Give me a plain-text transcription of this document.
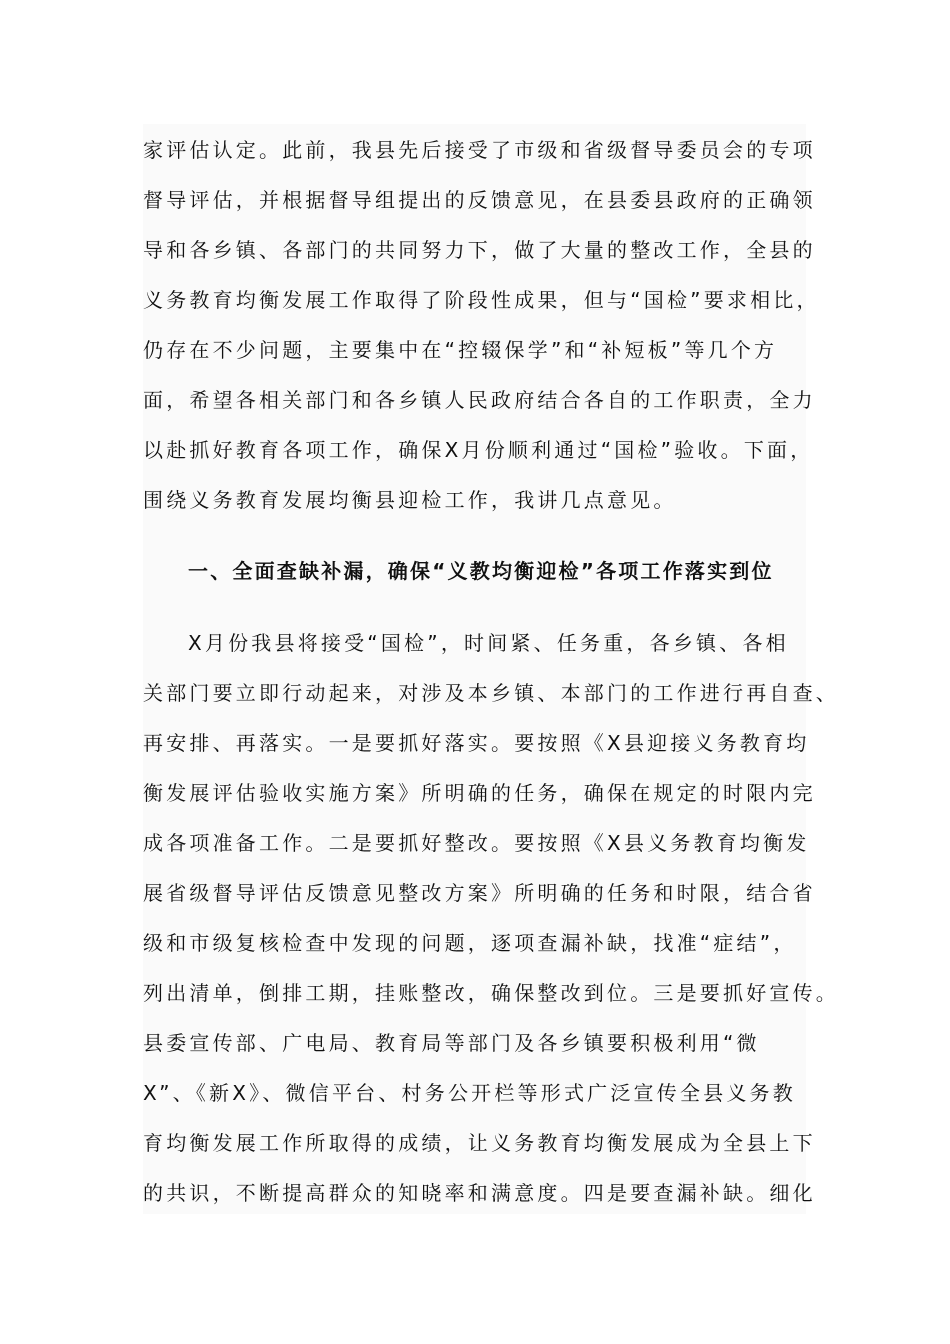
家评估认定。此前，我县先后接受了市级和省级督导委员会的专项
督导评估，并根据督导组提出的反馈意见，在县委县政府的正确领
导和各乡镇、各部门的共同努力下，做了大量的整改工作，全县的
义务教育均衡发展工作取得了阶段性成果，但与“国检”要求相比，
仍存在不少问题，主要集中在“控辍保学”和“补短板”等几个方
面，希望各相关部门和各乡镇人民政府结合各自的工作职责，全力
以赴抓好教育各项工作，确保X月份顺利通过“国检”验收。下面，
围绕义务教育发展均衡县迎检工作，我讲几点意见。
一、全面查缺补漏，确保“义教均衡迎检”各项工作落实到位
X月份我县将接受“国检”，时间紧、任务重，各乡镇、各相
关部门要立即行动起来，对涉及本乡镇、本部门的工作进行再自查、
再安排、再落实。一是要抓好落实。要按照《X县迎接义务教育均
衡发展评估验收实施方案》所明确的任务，确保在规定的时限内完
成各项准备工作。二是要抓好整改。要按照《X县义务教育均衡发
展省级督导评估反馈意见整改方案》所明确的任务和时限，结合省
级和市级复核检查中发现的问题，逐项查漏补缺，找准“症结”，
列出清单，倒排工期，挂账整改，确保整改到位。三是要抓好宣传。
县委宣传部、广电局、教育局等部门及各乡镇要积极利用“微
X”、《新X》、微信平台、村务公开栏等形式广泛宣传全县义务教
育均衡发展工作所取得的成绩，让义务教育均衡发展成为全县上下
的共识，不断提高群众的知晓率和满意度。四是要查漏补缺。细化
